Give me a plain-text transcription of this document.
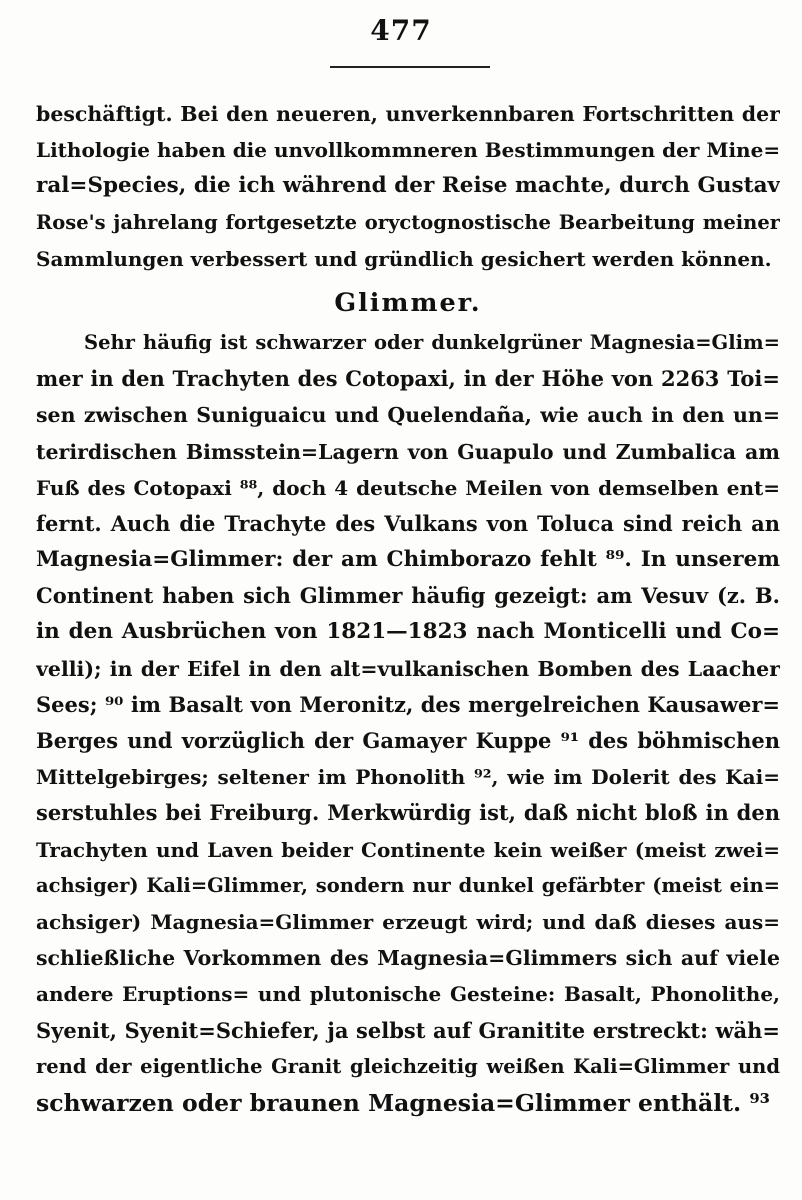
477
beschäftigt. Bei den neueren, unverkennbaren Fortschritten der
Lithologie haben die unvollkommneren Bestimmungen der Mine=
ral=Species, die ich während der Reise machte, durch Gustav
Rose's jahrelang fortgesetzte oryctognostische Bearbeitung meiner
Sammlungen verbessert und gründlich gesichert werden können.
Glimmer.
Sehr häufig ist schwarzer oder dunkelgrüner Magnesia=Glim=
mer in den Trachyten des Cotopaxi, in der Höhe von 2263 Toi=
sen zwischen Suniguaicu und Quelendaña, wie auch in den un=
terirdischen Bimsstein=Lagern von Guapulo und Zumbalica am
Fuß des Cotopaxi ⁸⁸, doch 4 deutsche Meilen von demselben ent=
fernt. Auch die Trachyte des Vulkans von Toluca sind reich an
Magnesia=Glimmer: der am Chimborazo fehlt ⁸⁹. In unserem
Continent haben sich Glimmer häufig gezeigt: am Vesuv (z. B.
in den Ausbrüchen von 1821—1823 nach Monticelli und Co=
velli); in der Eifel in den alt=vulkanischen Bomben des Laacher
Sees; ⁹⁰ im Basalt von Meronitz, des mergelreichen Kausawer=
Berges und vorzüglich der Gamayer Kuppe ⁹¹ des böhmischen
Mittelgebirges; seltener im Phonolith ⁹², wie im Dolerit des Kai=
serstuhles bei Freiburg. Merkwürdig ist, daß nicht bloß in den
Trachyten und Laven beider Continente kein weißer (meist zwei=
achsiger) Kali=Glimmer, sondern nur dunkel gefärbter (meist ein=
achsiger) Magnesia=Glimmer erzeugt wird; und daß dieses aus=
schließliche Vorkommen des Magnesia=Glimmers sich auf viele
andere Eruptions= und plutonische Gesteine: Basalt, Phonolithe,
Syenit, Syenit=Schiefer, ja selbst auf Granitite erstreckt: wäh=
rend der eigentliche Granit gleichzeitig weißen Kali=Glimmer und
schwarzen oder braunen Magnesia=Glimmer enthält. ⁹³
